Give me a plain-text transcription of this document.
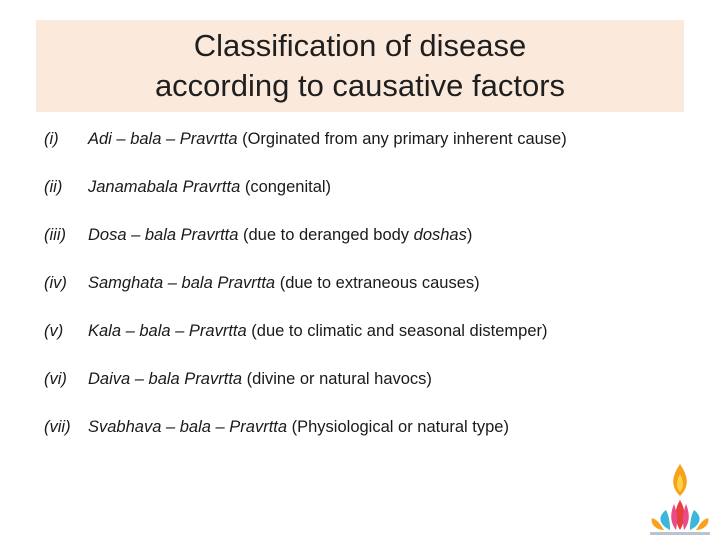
Classification of disease
according to causative factors
(i)	Adi – bala – Pravrtta (Orginated from any primary inherent cause)
(ii)	Janamabala Pravrtta (congenital)
(iii)	Dosa – bala Pravrtta (due to deranged body doshas)
(iv)	Samghata – bala Pravrtta (due to extraneous causes)
(v)	Kala – bala – Pravrtta (due to climatic and seasonal distemper)
(vi)	Daiva – bala Pravrtta (divine or natural havocs)
(vii)	Svabhava – bala – Pravrtta (Physiological or natural type)
